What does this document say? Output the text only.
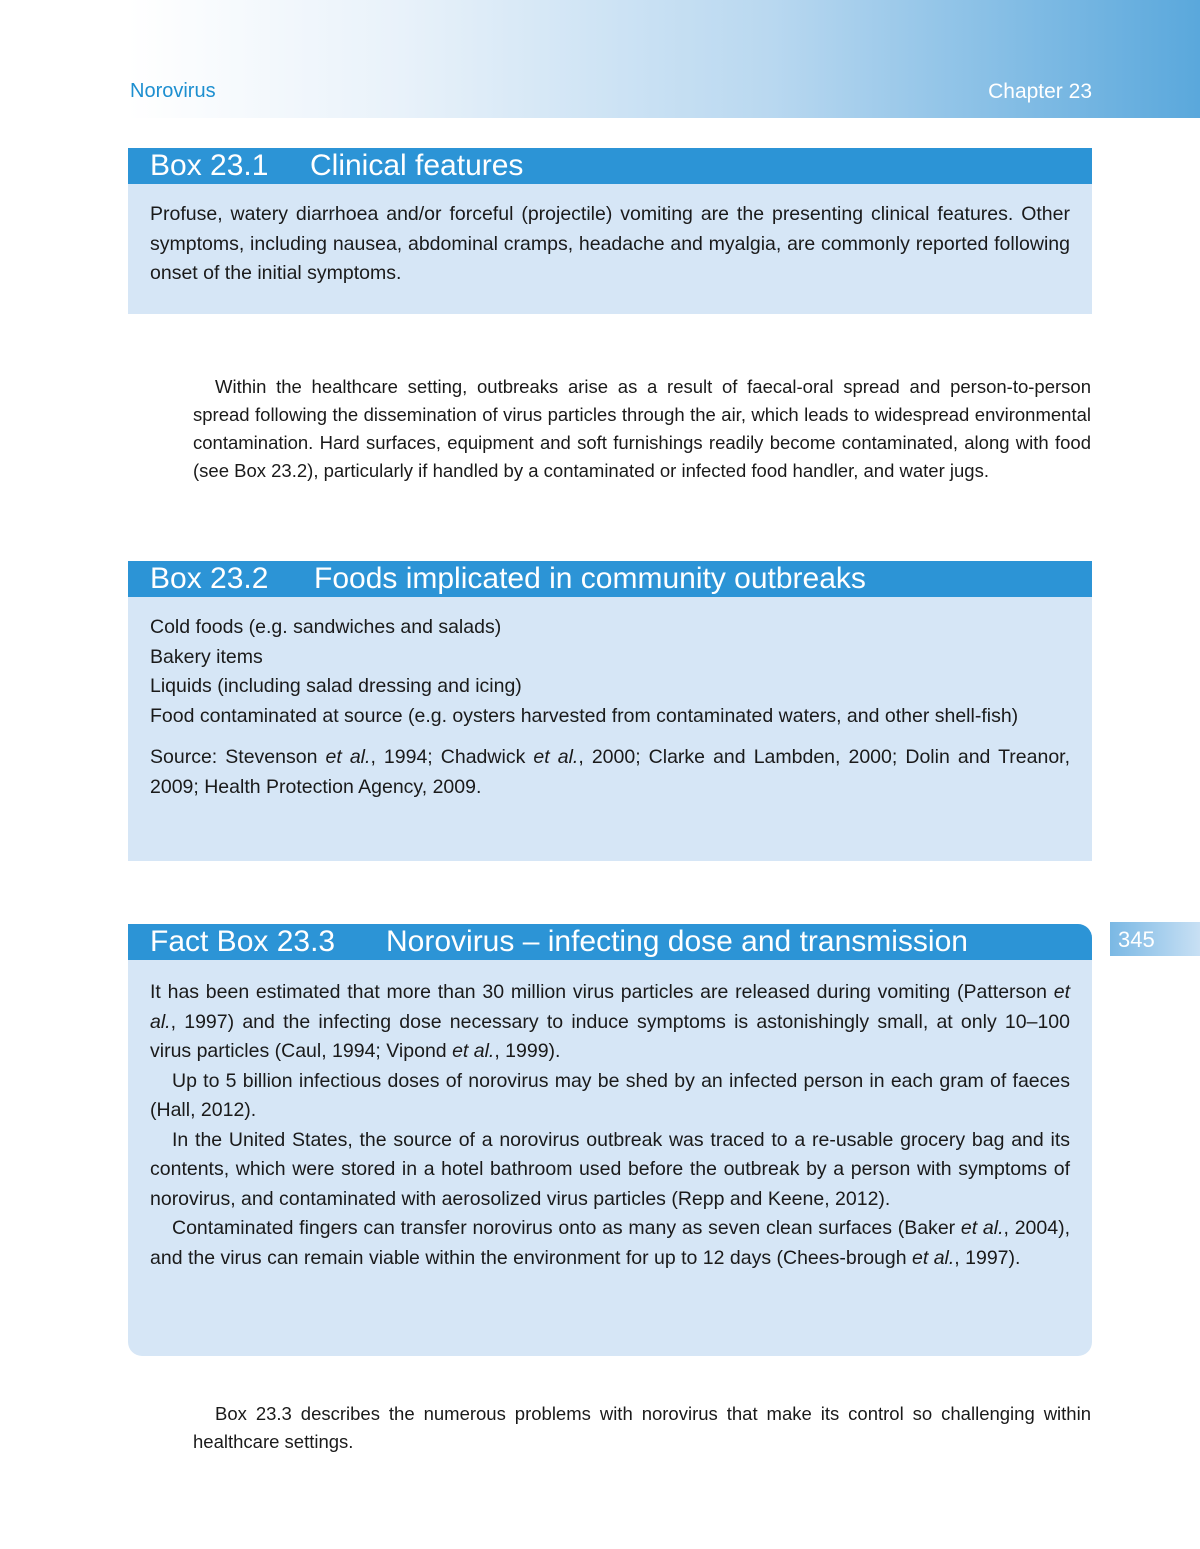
Norovirus	Chapter 23
Box 23.1 Clinical features

Profuse, watery diarrhoea and/or forceful (projectile) vomiting are the presenting clinical features. Other symptoms, including nausea, abdominal cramps, headache and myalgia, are commonly reported following onset of the initial symptoms.

Within the healthcare setting, outbreaks arise as a result of faecal-oral spread and person-to-person spread following the dissemination of virus particles through the air, which leads to widespread environmental contamination. Hard surfaces, equipment and soft furnishings readily become contaminated, along with food (see Box 23.2), particularly if handled by a contaminated or infected food handler, and water jugs.

Box 23.2 Foods implicated in community outbreaks
Cold foods (e.g. sandwiches and salads)
Bakery items
Liquids (including salad dressing and icing)
Food contaminated at source (e.g. oysters harvested from contaminated waters, and other shell-fish)

Source: Stevenson et al., 1994; Chadwick et al., 2000; Clarke and Lambden, 2000; Dolin and Treanor, 2009; Health Protection Agency, 2009.

345
Fact Box 23.3 Norovirus – infecting dose and transmission

It has been estimated that more than 30 million virus particles are released during vomiting (Patterson et al., 1997) and the infecting dose necessary to induce symptoms is astonishingly small, at only 10–100 virus particles (Caul, 1994; Vipond et al., 1999).

Up to 5 billion infectious doses of norovirus may be shed by an infected person in each gram of faeces (Hall, 2012).

In the United States, the source of a norovirus outbreak was traced to a re-usable grocery bag and its contents, which were stored in a hotel bathroom used before the outbreak by a person with symptoms of norovirus, and contaminated with aerosolized virus particles (Repp and Keene, 2012).

Contaminated fingers can transfer norovirus onto as many as seven clean surfaces (Baker et al., 2004), and the virus can remain viable within the environment for up to 12 days (Chees-brough et al., 1997).

Box 23.3 describes the numerous problems with norovirus that make its control so challenging within healthcare settings.
